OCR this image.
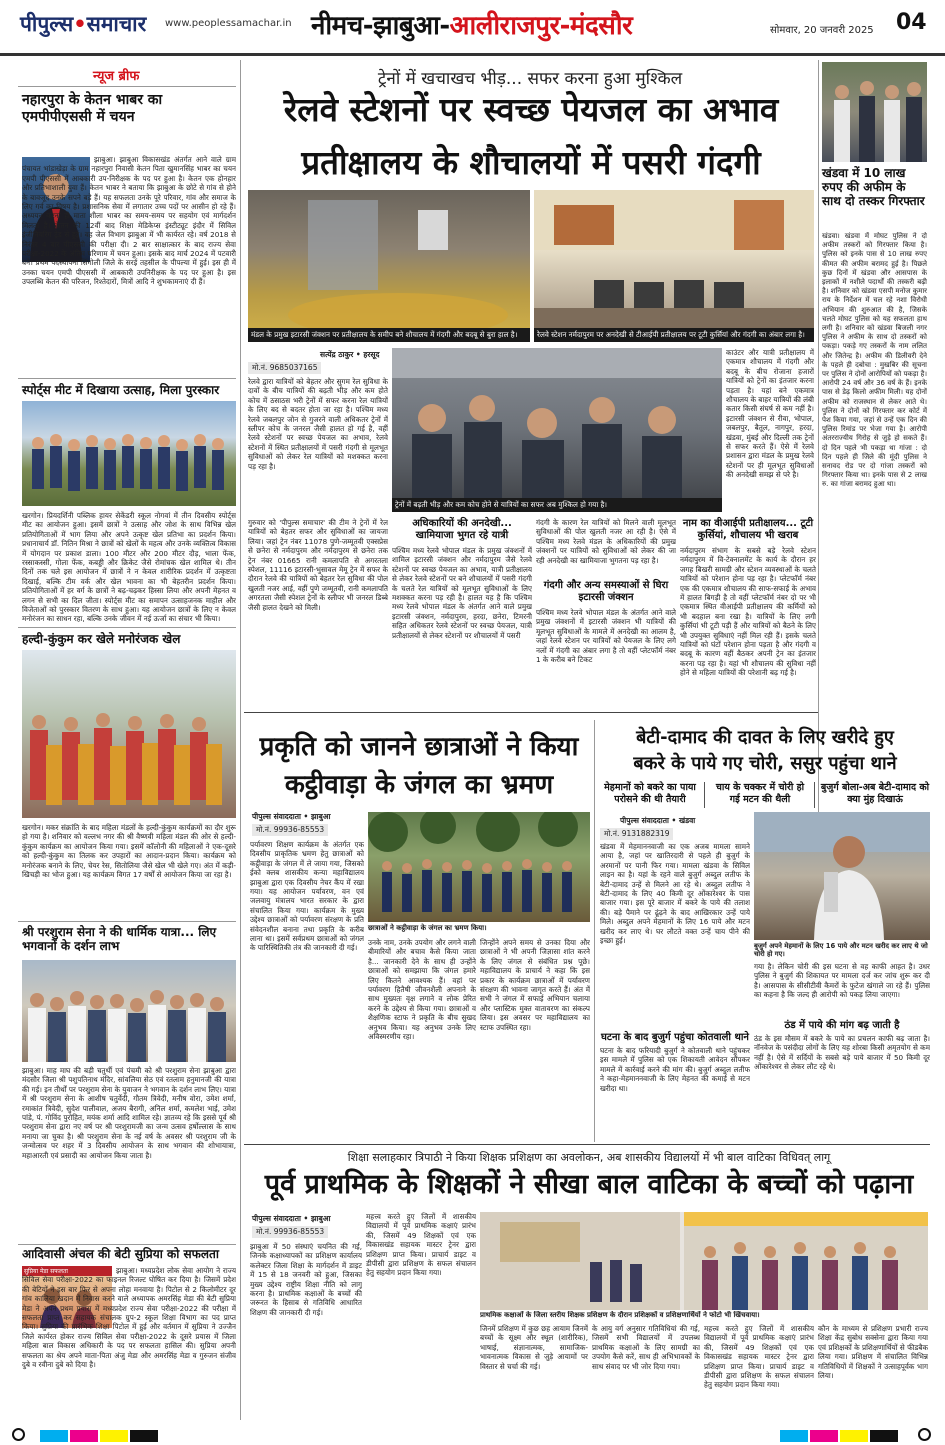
पीपुल्स•समाचार www.peoplessamachar.in नीमच-झाबुआ-आलीराजपुर-मंदसौर	सोमवार, 20 जनवरी 2025 04
न्यूज ब्रीफ
नहारपुरा के केतन भाबर का एमपीपीएससी में चयन
झाबुआ। झाबुआ विकासखंड अंतर्गत आने वाले ग्राम पंचायत भांडाखेड़ा के ग्राम नहारपुरा निवासी केतन पिता खुमानसिंह भाबर का चयन एमपी पीएससी में आबकारी उप-निरीक्षक के पद पर हुआ है। केतन एक होनहार और प्रतिभाशाली युवा हैं। केतन भाबर ने बताया कि झाबुआ के छोटे से गांव से होने के बावजूद उनके सपने बड़े हैं। यह सफलता उनके पूरे परिवार, गांव और समाज के लिए गर्व का विषय है। प्रशासनिक सेवा में लगातार उच्च पदों पर आसीन हो रहे हैं। अध्ययन करना ही माता शीला भाबर का समय-समय पर सहयोग एवं मार्गदर्शन मिलता है। केतन की 12वीं बाद शिक्षा मेडिकेप्स इंस्टीट्यूट इंदौर में सिविल इंजीनियरिंग ट्रेड से हुई। वह जेल विभाग झाबुआ में भी कार्यरत रहे। वर्ष 2018 से निरंतर 4 बार पीएससी की परीक्षा दी। 2 बार साक्षात्कार के बाद राज्य सेवा परीक्षा-2022 के अंतिम परिणाम में चयन हुआ। इसके बाद मार्च 2024 में पटवारी बने। प्रथम पदस्थापना सिंगोली जिले के सरई तहसील के पीपल्या में हुई। इस ही में उनका चयन एमपी पीएससी में आबकारी उपनिरीक्षक के पद पर हुआ है। इस उपलब्धि केतन की परिजन, रिश्तेदारों, मित्रों आदि ने शुभकामनाएं दी हैं।
स्पोर्ट्स मीट में दिखाया उत्साह, मिला पुरस्कार
खरगोन। प्रियदर्शिनी पब्लिक हायर सेकेंडरी स्कूल नोगवां में तीन दिवसीय स्पोर्ट्स मीट का आयोजन हुआ। इसमें छात्रों ने उत्साह और जोश के साथ विभिन्न खेल प्रतियोगिताओं में भाग लिया और अपने उत्कृष्ट खेल प्रतिभा का प्रदर्शन किया। प्रधानाचार्य डॉ. नितिन मिश्रा ने छात्रों को खेलों के महत्व और उनके व्यक्तित्व विकास में योगदान पर प्रकाश डाला। 100 मीटर और 200 मीटर दौड़, भाला फेंक, रस्साकस्सी, गोला फेंक, कबड्डी और क्रिकेट जैसे रोमांचक खेल शामिल थे। तीन दिनों तक चले इस आयोजन में छात्रों ने न केवल शारीरिक प्रदर्शन में उत्कृष्टता दिखाई, बल्कि टीम वर्क और खेल भावना का भी बेहतरीन प्रदर्शन किया। प्रतियोगिताओं में हर वर्ग के छात्रों ने बढ़-चढ़कर हिस्सा लिया और अपनी मेहनत व लगन से सभी का दिल जीता। स्पोर्ट्स मीट का समापन उत्साहजनक माहौल और विजेताओं को पुरस्कार वितरण के साथ हुआ। यह आयोजन छात्रों के लिए न केवल मनोरंजन का साधन रहा, बल्कि उनके जीवन में नई ऊर्जा का संचार भी किया।
हल्दी-कुंकुम कर खेले मनोरंजक खेल
खरगोन। मकर संक्रांति के बाद महिला मंडलों के हल्दी-कुंकुम कार्यक्रमों का दौर शुरू हो गया है। शनिवार को वल्लभ नगर की श्री वैष्णवी महिला मंडल की ओर से हल्दी-कुंकुम कार्यक्रम का आयोजन किया गया। इसमें कॉलोनी की महिलाओं ने एक-दूसरे को हल्दी-कुंकुम का तिलक कर उपहारों का आदान-प्रदान किया। कार्यक्रम को मनोरंजक बनाने के लिए, चेयर रेस, सितोलिया जैसे खेल भी खेले गए। अंत में कड़ी-खिचड़ी का भोज हुआ। यह कार्यक्रम विगत 17 वर्षों से आयोजन किया जा रहा है।
श्री परशुराम सेना ने की धार्मिक यात्रा... लिए भगवानों के दर्शन लाभ
झाबुआ। माह माघ की बड़ी चतुर्थी एवं पंचमी को श्री परशुराम सेना झाबुआ द्वारा मंदसौर जिला श्री पशुपतिनाथ मंदिर, सांवलिया सेठ एवं रतलाम हनुमानजी की यात्रा की गई। इन तीर्थों पर परशुराम सेना के युवाजन ने भगवान के दर्शन लाभ लिए। यात्रा में श्री परशुराम सेना के आशीष चतुर्वेदी, गौतम त्रिवेदी, मनीष वोरा, उमेश शर्मा, रमाकांत त्रिवेदी, सुदेश पालीवाल, अजय बैरागी, अनिल शर्मा, कमलेश भाई, उमेश पांडे, पं. गोविंद पुरोहित, मयंक शर्मा आदि शामिल रहे। ज्ञातव्य रहे कि इससे पूर्व श्री परशुराम सेना द्वारा नए वर्ष पर श्री परशुरामजी का जन्म उत्सव हर्षोल्लास के साथ मनाया जा चुका है। श्री परशुराम सेना के नई वर्ष के अवसर श्री परशुराम जी के जन्मोत्सव पर शहर में 3 दिवसीय आयोजन के साथ भगवान की शोभायात्रा, महाआरती एवं प्रसादी का आयोजन किया जाता है।
आदिवासी अंचल की बेटी सुप्रिया को सफलता
सुप्रिया मेडा सफलता	झाबुआ। मध्यप्रदेश लोक सेवा आयोग ने राज्य सिविल सेवा परीक्षा-2022 का फाइनल रिजल्ट घोषित कर दिया है। जिसमें प्रदेश की बेटियों ने इस बार फिर से अपना लोहा मनवाया है। पिटोल से 2 किलोमीटर दूर गांव कालिया खदान में निवास करने वाले अध्यापक अमरसिंह मेडा की बेटी सुप्रिया मेडा ने अपने प्रथम प्रयास में मध्यप्रदेश राज्य सेवा परीक्षा-2022 की परीक्षा में सफलता प्राप्त कर सहायक संचालक ग्रुप-2 स्कूल शिक्षा विभाग का पद प्राप्त किया। सुप्रिया की प्रारंभिक शिक्षा पिटोल में हुई और वर्तमान में सुप्रिया ने उज्जैन जिले कार्यरत होकर राज्य सिविल सेवा परीक्षा-2022 के दूसरे प्रयास में जिला महिला बाल विकास अधिकारी के पद पर सफलता हासिल की। सुप्रिया अपनी सफलता का श्रेय अपने माता-पिता अंजु मेडा और अमरसिंह मेडा व गुरुजन संजीव दुबे व रवीना दुबे को दिया है।
ट्रेनों में खचाखच भीड़... सफर करना हुआ मुश्किल
रेलवे स्टेशनों पर स्वच्छ पेयजल का अभाव
प्रतीक्षालय के शौचालयों में पसरी गंदगी
मंडल के प्रमुख इटारसी जंक्शन पर प्रतीक्षालय के समीप बने शौचालय में गंदगी और बदबू से बुरा हाल है।	रेलवे स्टेशन नर्मदापुरम पर अनदेखी से टीआईपी प्रतीक्षालय पर टूटी कुर्सियां और गंदगी का अंबार लगा है।
सत्येंद्र ठाकुर • हरसूद
मो.नं. 9685037165
ट्रेनों में बढ़ती भीड़ और कम कोच होने से यात्रियों का सफर अब मुश्किल हो गया है।
रेलवे द्वारा यात्रियों को बेहतर और सुगम रेल सुविधा के दावों के बीच यात्रियों की बढ़ती भीड़ और कम होते कोच में ठसाठस भरी ट्रेनों में सफर करना रेल यात्रियों के लिए बद से बदतर होता जा रहा है। पश्चिम मध्य रेलवे जबलपुर जोन से गुजरने वाली अधिकतर ट्रेनों में स्लीपर कोच के जनरल जैसी हालत हो गई है, वहीं रेलवे स्टेशनों पर स्वच्छ पेयजल का अभाव, रेलवे स्टेशनों में स्थित प्रतीक्षालयों में पसरी गंदगी से मूलभूत सुविधाओं को लेकर रेल यात्रियों को मशक्कत करना पड़ रहा है।
काउंटर और यात्री प्रतीक्षालय में एकमात्र शौचालय में गंदगी और बदबू के बीच रोजाना हजारों यात्रियों को ट्रेनों का इंतजार करना पड़ता है। यहां बने एकमात्र शौचालय के बाहर यात्रियों की लंबी कतार किसी संघर्ष से कम नहीं है। इटारसी जंक्शन से रीवा, भोपाल, जबलपुर, बैतूल, नागपुर, हरदा, खंडवा, मुंबई और दिल्ली तक ट्रेनों से सफर करते हैं। ऐसे में रेलवे प्रशासन द्वारा मंडल के प्रमुख रेलवे स्टेशनों पर ही मूलभूत सुविधाओं की अनदेखी समझ से परे है।
गुरुवार को 'पीपुल्स समाचार' की टीम ने ट्रेनों में रेल यात्रियों को बेहतर सफर और सुविधाओं का जायजा लिया। जहां ट्रेन नंबर 11078 पुणे-जम्मूतवी एक्सप्रेस से छनेरा से नर्मदापुरम और नर्मदापुरम से छनेरा तक ट्रेन नंबर 01665 रानी कमलापति से अगरतला स्पेशल, 11116 इटारसी-भुसावल मेमू ट्रेन में सफर के दौरान रेलवे की यात्रियों को बेहतर रेल सुविधा की पोल खुलती नजर आई, वहीं पुणे जम्मूतवी, रानी कमलापति अगरतला जैसी स्पेशल ट्रेनों के स्लीपर भी जनरल डिब्बे जैसी हालत देखने को मिली।
अधिकारियों की अनदेखी... खामियाजा भुगत रहे यात्री
पश्चिम मध्य रेलवे भोपाल मंडल के प्रमुख जंक्शनों में शामिल इटारसी जंक्शन और नर्मदापुरम जैसे रेलवे स्टेशनों पर स्वच्छ पेयजल का अभाव, यात्री प्रतीक्षालय से लेकर रेलवे स्टेशनों पर बने शौचालयों में पसरी गंदगी के चलते रेल यात्रियों को मूलभूत सुविधाओं के लिए मशक्कत करना पड़ रही है। हालत यह है कि पश्चिम मध्य रेलवे भोपाल मंडल के अंतर्गत आने वाले प्रमुख इटारसी जंक्शन, नर्मदापुरम, हरदा, छनेरा, टिमरनी सहित अधिकतर रेलवे स्टेशनों पर स्वच्छ पेयजल, यात्री प्रतीक्षालयों से लेकर स्टेशनों पर शौचालयों में पसरी
गंदगी के कारण रेल यात्रियों को मिलने वाली मूलभूत सुविधाओं की पोल खुलती नजर आ रही है। ऐसे में पश्चिम मध्य रेलवे मंडल के अधिकारियों की प्रमुख जंक्शनों पर यात्रियों को सुविधाओं को लेकर की जा रही अनदेखी का खामियाजा भुगतना पड़ रहा है।
गंदगी और अन्य समस्याओं से घिरा इटारसी जंक्शन
पश्चिम मध्य रेलवे भोपाल मंडल के अंतर्गत आने वाले प्रमुख जंक्शनों में इटारसी जंक्शन भी यात्रियों की मूलभूत सुविधाओं के मामले में अनदेखी का आलम है, जहां रेलवे स्टेशन पर यात्रियों को पेयजल के लिए लगे नलों में गंदगी का अंबार लगा है तो वहीं प्लेटफॉर्म नंबर 1 के करीब बने टिकट
नाम का वीआईपी प्रतीक्षालय... टूटी कुर्सियां, शौचालय भी खराब
नर्मदापुरम संभाग के सबसे बड़े रेलवे स्टेशन नर्मदापुरम में वि-टेक्नालमेंट के कार्य के दौरान हर जगह बिखरी सामग्री और स्टेशन व्यवस्थाओं के चलते यात्रियों को परेशान होना पड़ रहा है। प्लेटफॉर्म नंबर एक की एकमात्र शौचालय की साफ-सफाई के अभाव में हालत बिगड़ी है तो वहीं प्लेटफॉर्म नंबर दो पर भी एकमात्र स्थित वीआईपी प्रतीक्षालय की कर्मियों को भी बदहाल बना रखा है। यात्रियों के लिए लगी कुर्सियां भी टूटी पड़ी हैं और यात्रियों को बैठने के लिए भी उपयुक्त सुविधाएं नहीं मिल रही हैं। इसके चलते यात्रियों को घंटों परेशान होना पड़ता है और गंदगी व बदबू के कारण वहीं बैठकर अपनी ट्रेन का इंतजार करना पड़ रहा है। यहां भी शौचालय की सुविधा नहीं होने से महिला यात्रियों की परेशानी बढ़ गई है।
खंडवा में 10 लाख रुपए की अफीम के साथ दो तस्कर गिरफ्तार
खंडवा। खंडवा में मोघट पुलिस ने दो अफीम तस्करों को गिरफ्तार किया है। पुलिस को इनके पास से 10 लाख रुपए कीमत की अफीम बरामद हुई है। पिछले कुछ दिनों में खंडवा और आसपास के इलाकों में नशीले पदार्थों की तस्करी बढ़ी है। शनिवार को खंडवा एसपी मनोज कुमार राय के निर्देशन में चल रहे नशा विरोधी अभियान की शुरुआत की है, जिसके चलते मोघट पुलिस को यह सफलता हाथ लगी है। शनिवार को खंडवा बिजली नगर पुलिस ने अफीम के साथ दो तस्करों को पकड़ा। पकड़े गए तस्करों के नाम ललित और जितेन्द्र है। अफीम की डिलीवरी देने के पहले ही दबोचा : मुखबिर की सूचना पर पुलिस ने दोनों आरोपियों को पकड़ा है। आरोपी 24 वर्ष और 36 वर्ष के हैं। इनके पास से डेढ़ किलो अफीम मिली। यह दोनों अफीम को राजस्थान से लेकर आते थे। पुलिस ने दोनों को गिरफ्तार कर कोर्ट में पेश किया गया, जहां से उन्हें एक दिन की पुलिस रिमांड पर भेजा गया है। आरोपी अंतरराज्यीय गिरोह से जुड़े हो सकते हैं। दो दिन पहले भी पकड़ा था गांजा : दो दिन पहले ही जिले की मूंदी पुलिस ने सनावद रोड पर दो गांजा तस्करों को गिरफ्तार किया था। इनके पास से 2 लाख रु. का गांजा बरामद हुआ था।
प्रकृति को जानने छात्राओं ने किया
कट्ठीवाड़ा के जंगल का भ्रमण
पीपुल्स संवाददाता • झाबुआ
मो.नं. 99936-85553
पर्यावरण शिक्षण कार्यक्रम के अंतर्गत एक दिवसीय प्राकृतिक भ्रमण हेतु छात्राओं को कट्ठीवाड़ा के जंगल में ले जाया गया, जिसको ईको क्लब शासकीय कन्या महाविद्यालय झाबुआ द्वारा एक दिवसीय नेचर कैंप में रखा गया। यह आयोजन पर्यावरण, वन एवं जलवायु मंत्रालय भारत सरकार के द्वारा संचालित किया गया। कार्यक्रम के मुख्य उद्देश्य छात्राओं को पर्यावरण संरक्षण के प्रति संवेदनशील बनाना तथा प्रकृति के करीब लाना था। इसमें सर्वप्रथम छात्राओं को जंगल के पारिस्थितिकी तंत्र की जानकारी दी गई।
छात्राओं ने कट्ठीवाड़ा के जंगल का भ्रमण किया।
उनके नाम, उनके उपयोग और लगने वाली बीमारियों और बचाव कैसे किया जाता है... जानकारी देने के साथ ही उन्होंने छात्राओं को समझाया कि जंगल हमारे लिए कितने आवश्यक हैं। वहां पर पर्यावरण हितैषी जीवनशैली अपनाने के साथ मुख्यतः वृक्ष लगाने व लोक प्रेरित करने के उद्देश्य से किया गया। छात्राओं व शैक्षणिक स्टाफ ने प्रकृति के बीच सुखद अनुभव किया। यह अनुभव उनके लिए अविस्मरणीय रहा।
जिन्होंने अपने समय से उनका दिया और छात्राओं ने भी अपनी जिज्ञासा शांत करने के लिए जंगल से संबंधित प्रश्न पूछे। महाविद्यालय के प्राचार्य ने कहा कि इस प्रकार के कार्यक्रम छात्राओं में पर्यावरण संरक्षण की भावना जागृत करते हैं। अंत में सभी ने जंगल में सफाई अभियान चलाया और प्लास्टिक मुक्त वातावरण का संकल्प लिया। इस अवसर पर महाविद्यालय का स्टाफ उपस्थित रहा।
बेटी-दामाद की दावत के लिए खरीदे हुए
बकरे के पाये गए चोरी, ससुर पहुंचा थाने
मेहमानों को बकरे का पाया परोसने की थी तैयारी
चाय के चक्कर में चोरी हो गई मटन की थैली
बुजुर्ग बोला-अब बेटी-दामाद को क्या मुंह दिखाऊं
पीपुल्स संवाददाता • खंडवा
मो.नं. 9131882319
खंडवा में मेहमाननवाजी का एक अजब मामला सामने आया है, जहां पर खातिरदारी से पहले ही बुजुर्ग के अरमानों पर पानी फिर गया। मामला खंडवा के सिविल लाइन का है। यहां के रहने वाले बुजुर्ग अब्दुल लतीफ के बेटी-दामाद उन्हें से मिलने आ रहे थे। अब्दुल लतीफ ने बेटी-दामाद के लिए 40 किमी दूर ओंकारेश्वर के पास बाजार गया। इस पूरे बाजार में बकरे के पाये की तलाश की। बड़े पैमाने पर ढूंढ़ने के बाद आखिरकार उन्हें पाये मिले। अब्दुल अपने मेहमानों के लिए 16 पाये और मटन खरीद कर लाए थे। घर लौटते वक्त उन्हें चाय पीने की इच्छा हुई।
बुजुर्ग अपने मेहमानों के लिए 16 पाये और मटन खरीद कर लाए थे जो चोरी हो गए।
गया है। लेकिन चोरी की इस घटना से वह काफी आहत है। उधर पुलिस ने बुजुर्ग की शिकायत पर मामला दर्ज कर जांच शुरू कर दी है। आसपास के सीसीटीवी कैमरों के फुटेज खंगाले जा रहे हैं। पुलिस का कहना है कि जल्द ही आरोपी को पकड़ लिया जाएगा।
ठंड में पाये की मांग बढ़ जाती है
ठंड के इस मौसम में बकरे के पाये का प्रचलन काफी बढ़ जाता है। नॉनवेज के पसंदीदा लोगों के लिए यह शोरबा किसी अमृतयोग से कम नहीं है। ऐसे में सर्दियों के सबसे बड़े पाये बाजार में 50 किमी दूर ओंकारेश्वर से लेकर लौट रहे थे।
घटना के बाद बुजुर्ग पहुंचा कोतवाली थाने
घटना के बाद फरियादी बुजुर्ग ने कोतवाली थाने पहुंचकर इस मामले में पुलिस को एक शिकायती आवेदन सौंपकर मामले में कार्रवाई करने की मांग की। बुजुर्ग अब्दुल लतीफ ने कहा-मेहमाननवाजी के लिए मेहनत की कमाई से मटन खरीदा था।
शिक्षा सलाहकार त्रिपाठी ने किया शिक्षक प्रशिक्षण का अवलोकन, अब शासकीय विद्यालयों में भी बाल वाटिका विधिवत् लागू
पूर्व प्राथमिक के शिक्षकों ने सीखा बाल वाटिका के बच्चों को पढ़ाना
पीपुल्स संवाददाता • झाबुआ
मो.नं. 99936-85553
झाबुआ में 50 संस्थाएं चयनित की गई, जिनके कक्षाध्यापकों का प्रशिक्षण कार्यालय कलेक्टर जिला शिक्षा के मार्गदर्शन में डाइट में 15 से 18 जनवरी को हुआ, जिसका मुख्य उद्देश्य राष्ट्रीय शिक्षा नीति को लागू करना है। प्राथमिक कक्षाओं के बच्चों की जरूरत के हिसाब से गतिविधि आधारित शिक्षण की जानकारी दी गई।
महत्त्व करते हुए जिलों में शासकीय विद्यालयों में पूर्व प्राथमिक कक्षाएं प्रारंभ की, जिसमें 49 शिक्षकों एवं एक विकासखंड सहायक मास्टर ट्रेनर द्वारा प्रशिक्षण प्राप्त किया। प्राचार्य डाइट व डीपीसी द्वारा प्रशिक्षण के सफल संचालन हेतु सहयोग प्रदान किया गया।
प्राथमिक कक्षाओं के जिला स्तरीय शिक्षक प्रशिक्षण के दौरान प्रशिक्षकों व प्रशिक्षणार्थियों ने फोटो भी खिंचवाया।
जिनमें प्रशिक्षण में कुछ छह आयाम जिनमें बच्चों के सूक्ष्म और स्थूल (शारीरिक), भाषाई, संज्ञानात्मक, सामाजिक-भावनात्मक विकास से जुड़े आयामों पर विस्तार से चर्चा की गई।
के आयु वर्ग अनुसार गतिविधियां की गई, जिसमें सभी विद्यालयों में उपलब्ध प्राथमिक कक्षाओं के लिए सामग्री का उपयोग कैसे करें, साथ ही अभिभावकों के साथ संवाद पर भी जोर दिया गया।
कौन के माध्यम से प्रशिक्षण प्रभारी राज्य शिक्षा केंद्र सुबोध सक्सेना द्वारा किया गया एवं प्रशिक्षकों के प्रशिक्षणार्थियों से फीडबैक लिया गया। प्रशिक्षण में संचालित विभिन्न गतिविधियों में शिक्षकों ने उत्साहपूर्वक भाग लिया।
महत्त्व करते हुए जिलों में शासकीय विद्यालयों में पूर्व प्राथमिक कक्षाएं प्रारंभ की, जिसमें 49 शिक्षकों एवं एक विकासखंड सहायक मास्टर ट्रेनर द्वारा प्रशिक्षण प्राप्त किया। प्राचार्य डाइट व डीपीसी द्वारा प्रशिक्षण के सफल संचालन हेतु सहयोग प्रदान किया गया।
